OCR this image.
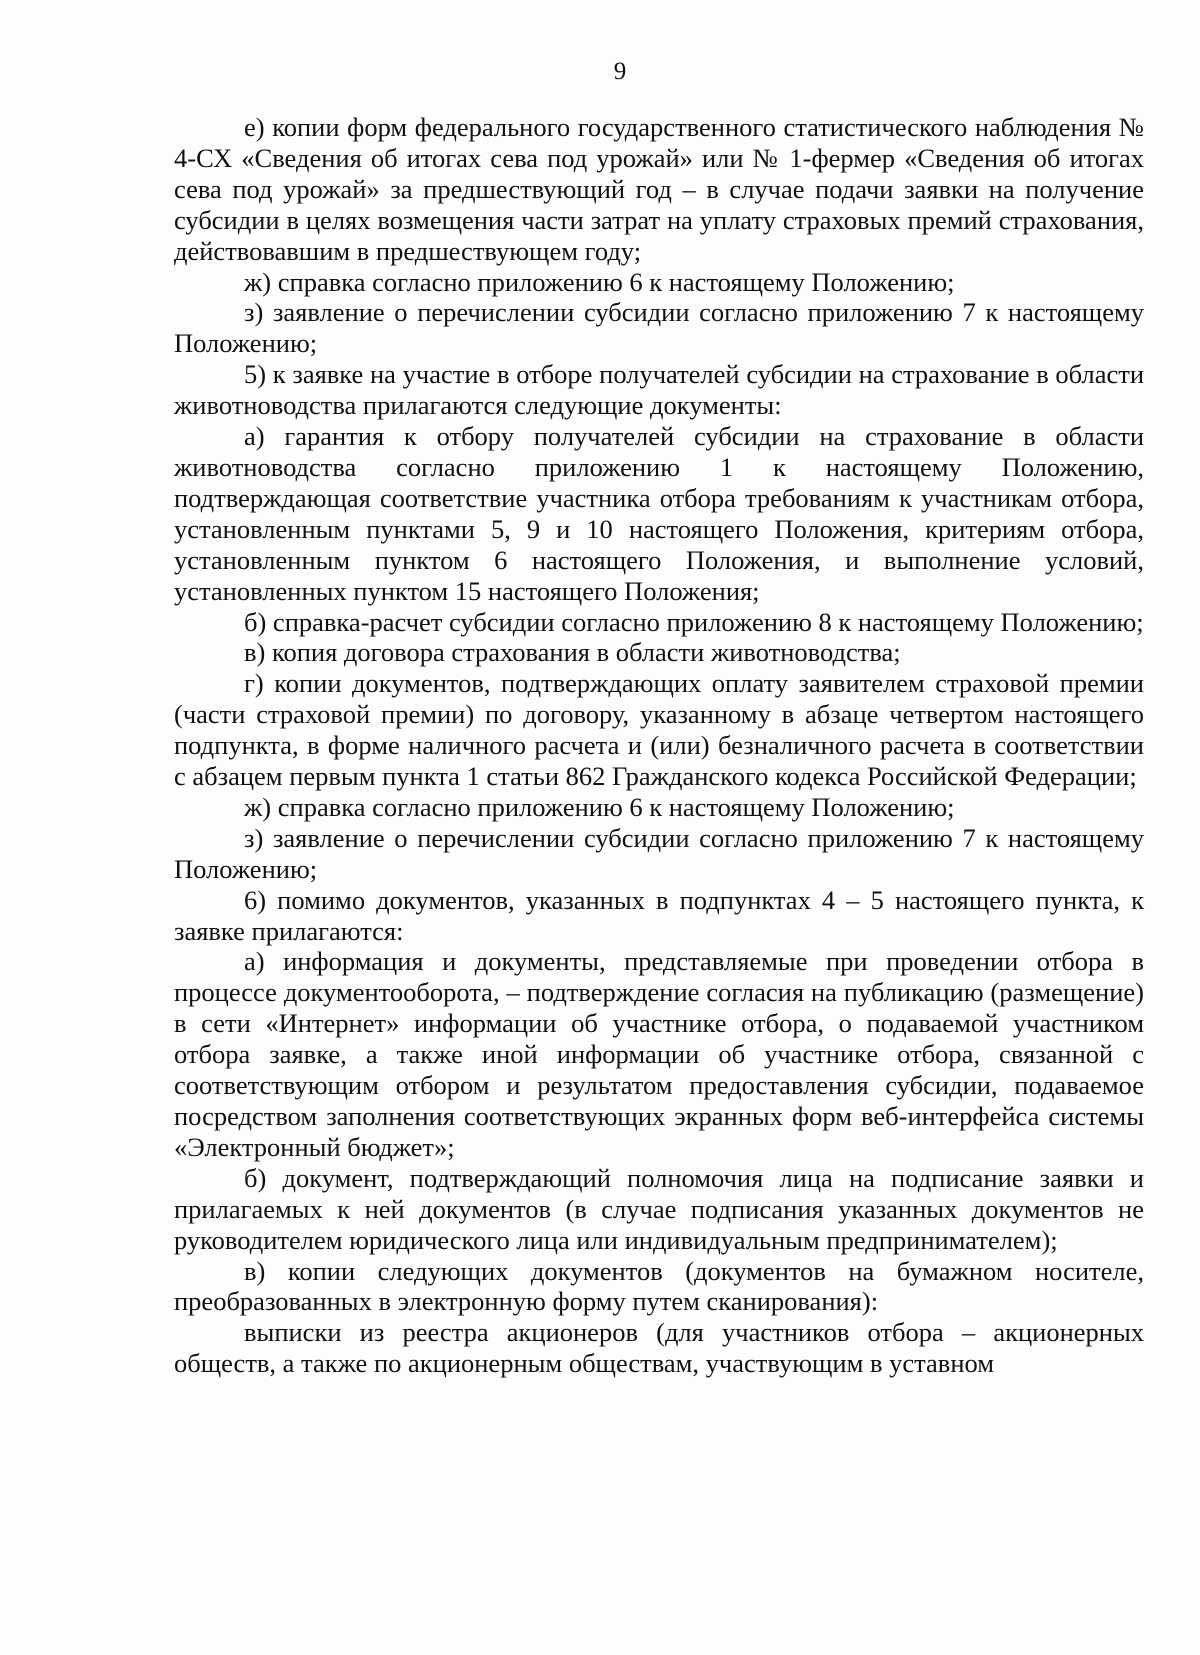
9

е) копии форм федерального государственного статистического наблюдения № 4-СХ «Сведения об итогах сева под урожай» или № 1-фермер «Сведения об итогах сева под урожай» за предшествующий год – в случае подачи заявки на получение субсидии в целях возмещения части затрат на уплату страховых премий страхования, действовавшим в предшествующем году;

ж) справка согласно приложению 6 к настоящему Положению;

з) заявление о перечислении субсидии согласно приложению 7 к настоящему Положению;

5) к заявке на участие в отборе получателей субсидии на страхование в области животноводства прилагаются следующие документы:

а) гарантия к отбору получателей субсидии на страхование в области животноводства согласно приложению 1 к настоящему Положению, подтверждающая соответствие участника отбора требованиям к участникам отбора, установленным пунктами 5, 9 и 10 настоящего Положения, критериям отбора, установленным пунктом 6 настоящего Положения, и выполнение условий, установленных пунктом 15 настоящего Положения;

б) справка-расчет субсидии согласно приложению 8 к настоящему Положению;

в) копия договора страхования в области животноводства;

г) копии документов, подтверждающих оплату заявителем страховой премии (части страховой премии) по договору, указанному в абзаце четвертом настоящего подпункта, в форме наличного расчета и (или) безналичного расчета в соответствии с абзацем первым пункта 1 статьи 862 Гражданского кодекса Российской Федерации;

ж) справка согласно приложению 6 к настоящему Положению;

з) заявление о перечислении субсидии согласно приложению 7 к настоящему Положению;

6) помимо документов, указанных в подпунктах 4 – 5 настоящего пункта, к заявке прилагаются:

а) информация и документы, представляемые при проведении отбора в процессе документооборота, – подтверждение согласия на публикацию (размещение) в сети «Интернет» информации об участнике отбора, о подаваемой участником отбора заявке, а также иной информации об участнике отбора, связанной с соответствующим отбором и результатом предоставления субсидии, подаваемое посредством заполнения соответствующих экранных форм веб-интерфейса системы «Электронный бюджет»;

б) документ, подтверждающий полномочия лица на подписание заявки и прилагаемых к ней документов (в случае подписания указанных документов не руководителем юридического лица или индивидуальным предпринимателем);

в) копии следующих документов (документов на бумажном носителе, преобразованных в электронную форму путем сканирования):

выписки из реестра акционеров (для участников отбора – акционерных обществ, а также по акционерным обществам, участвующим в уставном
